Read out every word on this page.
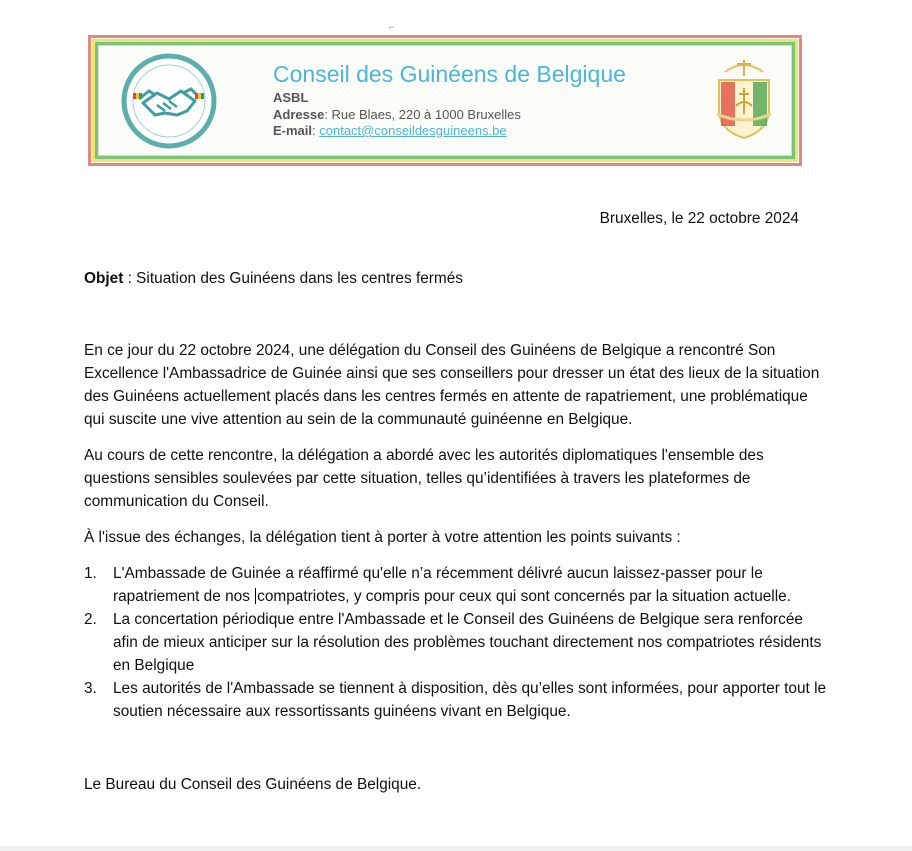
⌐
Conseil des Guinéens de Belgique
ASBL
Adresse: Rue Blaes, 220 à 1000 Bruxelles
E-mail: contact@conseildesguineens.be
Bruxelles, le 22 octobre 2024
Objet : Situation des Guinéens dans les centres fermés
En ce jour du 22 octobre 2024, une délégation du Conseil des Guinéens de Belgique a rencontré Son Excellence l'Ambassadrice de Guinée ainsi que ses conseillers pour dresser un état des lieux de la situation des Guinéens actuellement placés dans les centres fermés en attente de rapatriement, une problématique qui suscite une vive attention au sein de la communauté guinéenne en Belgique.
Au cours de cette rencontre, la délégation a abordé avec les autorités diplomatiques l'ensemble des questions sensibles soulevées par cette situation, telles qu’identifiées à travers les plateformes de communication du Conseil.
À l'issue des échanges, la délégation tient à porter à votre attention les points suivants :
1. L'Ambassade de Guinée a réaffirmé qu'elle n’a récemment délivré aucun laissez-passer pour le rapatriement de nos compatriotes, y compris pour ceux qui sont concernés par la situation actuelle.
2. La concertation périodique entre l'Ambassade et le Conseil des Guinéens de Belgique sera renforcée afin de mieux anticiper sur la résolution des problèmes touchant directement nos compatriotes résidents en Belgique
3. Les autorités de l'Ambassade se tiennent à disposition, dès qu’elles sont informées, pour apporter tout le soutien nécessaire aux ressortissants guinéens vivant en Belgique.
Le Bureau du Conseil des Guinéens de Belgique.
